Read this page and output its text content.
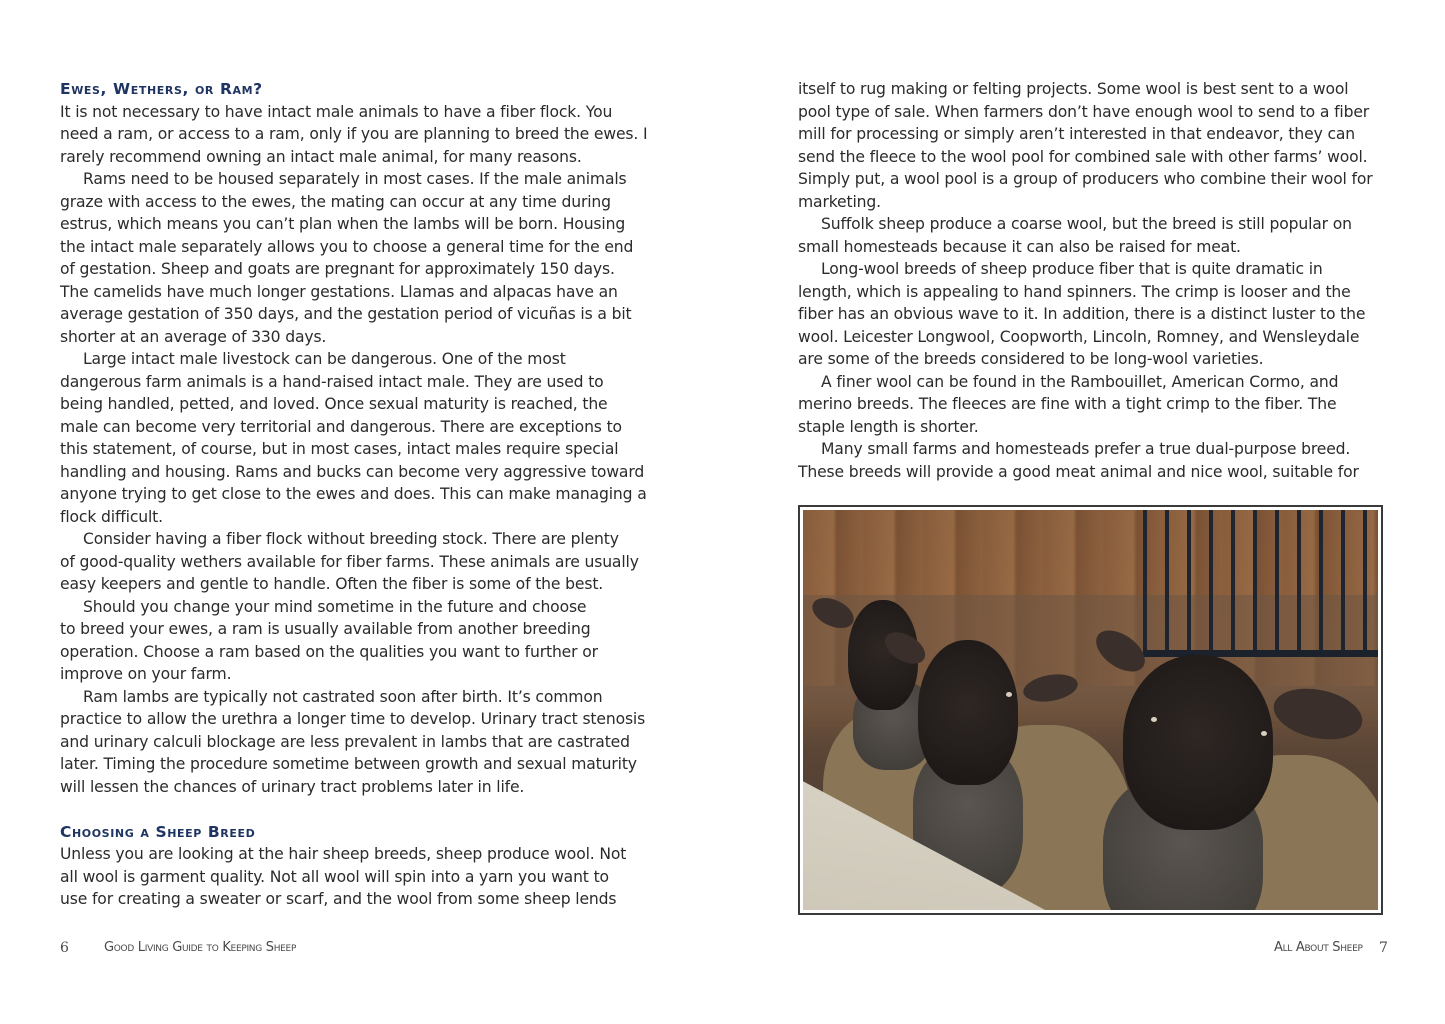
Ewes, Wethers, or Ram?
It is not necessary to have intact male animals to have a fiber flock. You
need a ram, or access to a ram, only if you are planning to breed the ewes. I
rarely recommend owning an intact male animal, for many reasons.
Rams need to be housed separately in most cases. If the male animals
graze with access to the ewes, the mating can occur at any time during
estrus, which means you can’t plan when the lambs will be born. Housing
the intact male separately allows you to choose a general time for the end
of gestation. Sheep and goats are pregnant for approximately 150 days.
The camelids have much longer gestations. Llamas and alpacas have an
average gestation of 350 days, and the gestation period of vicuñas is a bit
shorter at an average of 330 days.
Large intact male livestock can be dangerous. One of the most
dangerous farm animals is a hand-raised intact male. They are used to
being handled, petted, and loved. Once sexual maturity is reached, the
male can become very territorial and dangerous. There are exceptions to
this statement, of course, but in most cases, intact males require special
handling and housing. Rams and bucks can become very aggressive toward
anyone trying to get close to the ewes and does. This can make managing a
flock difficult.
Consider having a fiber flock without breeding stock. There are plenty
of good-quality wethers available for fiber farms. These animals are usually
easy keepers and gentle to handle. Often the fiber is some of the best.
Should you change your mind sometime in the future and choose
to breed your ewes, a ram is usually available from another breeding
operation. Choose a ram based on the qualities you want to further or
improve on your farm.
Ram lambs are typically not castrated soon after birth. It’s common
practice to allow the urethra a longer time to develop. Urinary tract stenosis
and urinary calculi blockage are less prevalent in lambs that are castrated
later. Timing the procedure sometime between growth and sexual maturity
will lessen the chances of urinary tract problems later in life.
Choosing a Sheep Breed
Unless you are looking at the hair sheep breeds, sheep produce wool. Not
all wool is garment quality. Not all wool will spin into a yarn you want to
use for creating a sweater or scarf, and the wool from some sheep lends
6	Good Living Guide to Keeping Sheep
itself to rug making or felting projects. Some wool is best sent to a wool
pool type of sale. When farmers don’t have enough wool to send to a fiber
mill for processing or simply aren’t interested in that endeavor, they can
send the fleece to the wool pool for combined sale with other farms’ wool.
Simply put, a wool pool is a group of producers who combine their wool for
marketing.
Suffolk sheep produce a coarse wool, but the breed is still popular on
small homesteads because it can also be raised for meat.
Long-wool breeds of sheep produce fiber that is quite dramatic in
length, which is appealing to hand spinners. The crimp is looser and the
fiber has an obvious wave to it. In addition, there is a distinct luster to the
wool. Leicester Longwool, Coopworth, Lincoln, Romney, and Wensleydale
are some of the breeds considered to be long-wool varieties.
A finer wool can be found in the Rambouillet, American Cormo, and
merino breeds. The fleeces are fine with a tight crimp to the fiber. The
staple length is shorter.
Many small farms and homesteads prefer a true dual-purpose breed.
These breeds will provide a good meat animal and nice wool, suitable for
All About Sheep 7
